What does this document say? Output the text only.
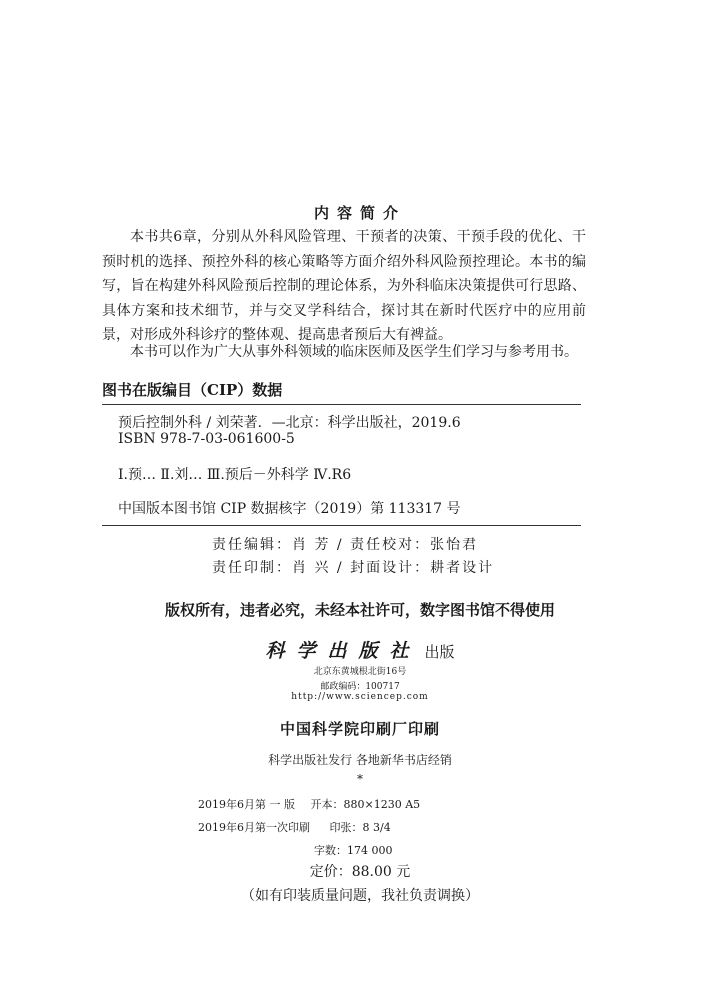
内容简介
本书共6章，分别从外科风险管理、干预者的决策、干预手段的优化、干预时机的选择、预控外科的核心策略等方面介绍外科风险预控理论。本书的编写，旨在构建外科风险预后控制的理论体系，为外科临床决策提供可行思路、具体方案和技术细节，并与交叉学科结合，探讨其在新时代医疗中的应用前景，对形成外科诊疗的整体观、提高患者预后大有裨益。
本书可以作为广大从事外科领域的临床医师及医学生们学习与参考用书。
图书在版编目（CIP）数据
预后控制外科 / 刘荣著．—北京：科学出版社，2019.6
ISBN 978-7-03-061600-5
Ⅰ.预… Ⅱ.刘… Ⅲ.预后－外科学 Ⅳ.R6
中国版本图书馆 CIP 数据核字（2019）第 113317 号
责任编辑：肖 芳 / 责任校对：张怡君
责任印制：肖 兴 / 封面设计：耕者设计
版权所有，违者必究，未经本社许可，数字图书馆不得使用
科学出版社 出版
北京东黄城根北街16号
邮政编码：100717
http://www.sciencep.com
中国科学院印刷厂印刷
科学出版社发行 各地新华书店经销
*
2019年6月第 一 版 开本：880×1230 A5
2019年6月第一次印刷 印张：8 3/4
字数：174 000
定价：88.00 元
（如有印装质量问题，我社负责调换）
